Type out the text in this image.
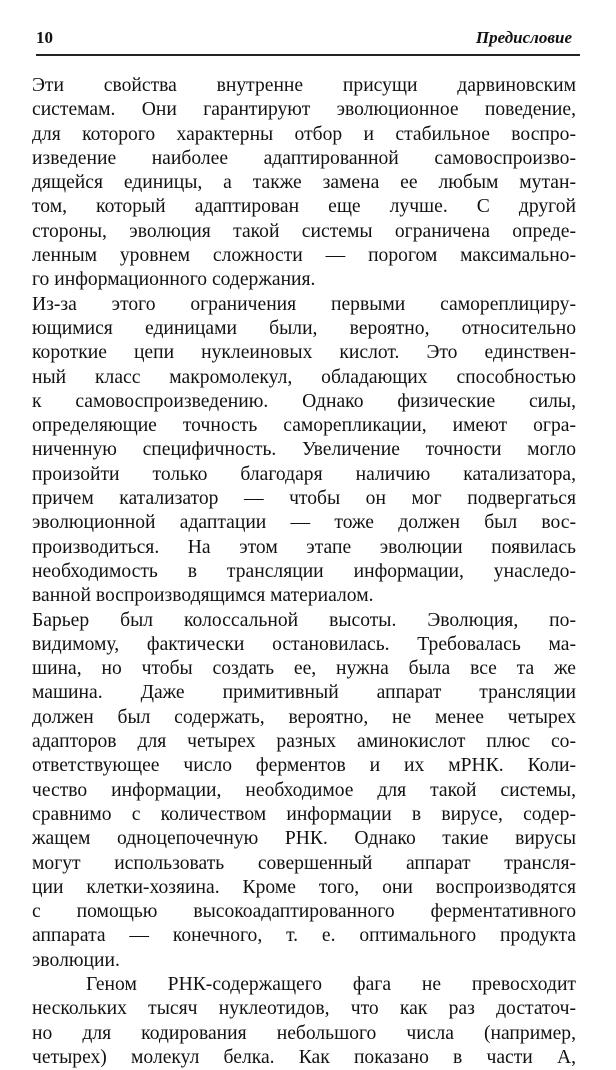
10	Предисловие
Эти свойства внутренне присущи дарвиновским
системам. Они гарантируют эволюционное поведение,
для которого характерны отбор и стабильное воспро-
изведение наиболее адаптированной самовоспроизво-
дящейся единицы, а также замена ее любым мутан-
том, который адаптирован еще лучше. С другой
стороны, эволюция такой системы ограничена опреде-
ленным уровнем сложности — порогом максимально-
го информационного содержания.
Из-за этого ограничения первыми самореплициру-
ющимися единицами были, вероятно, относительно
короткие цепи нуклеиновых кислот. Это единствен-
ный класс макромолекул, обладающих способностью
к самовоспроизведению. Однако физические силы,
определяющие точность саморепликации, имеют огра-
ниченную специфичность. Увеличение точности могло
произойти только благодаря наличию катализатора,
причем катализатор — чтобы он мог подвергаться
эволюционной адаптации — тоже должен был вос-
производиться. На этом этапе эволюции появилась
необходимость в трансляции информации, унаследо-
ванной воспроизводящимся материалом.
Барьер был колоссальной высоты. Эволюция, по-
видимому, фактически остановилась. Требовалась ма-
шина, но чтобы создать ее, нужна была все та же
машина. Даже примитивный аппарат трансляции
должен был содержать, вероятно, не менее четырех
адапторов для четырех разных аминокислот плюс со-
ответствующее число ферментов и их мРНК. Коли-
чество информации, необходимое для такой системы,
сравнимо с количеством информации в вирусе, содер-
жащем одноцепочечную РНК. Однако такие вирусы
могут использовать совершенный аппарат трансля-
ции клетки-хозяина. Кроме того, они воспроизводятся
с помощью высокоадаптированного ферментативного
аппарата — конечного, т. е. оптимального продукта
эволюции.
Геном РНК-содержащего фага не превосходит
нескольких тысяч нуклеотидов, что как раз достаточ-
но для кодирования небольшого числа (например,
четырех) молекул белка. Как показано в части А,
